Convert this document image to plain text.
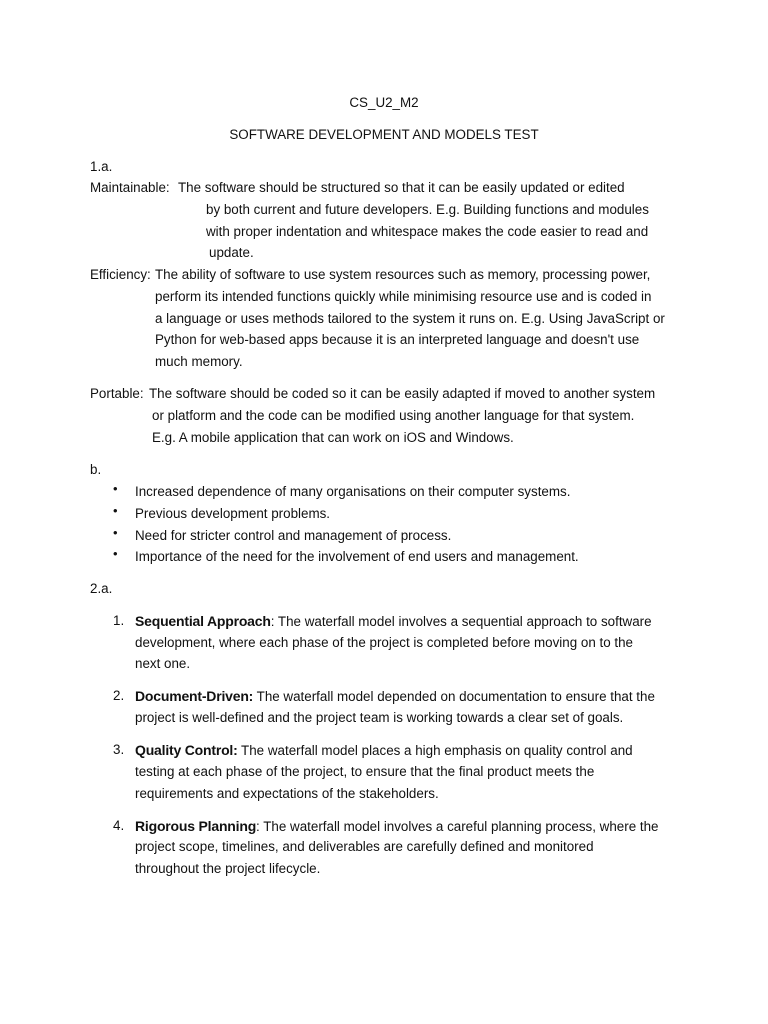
CS_U2_M2
SOFTWARE DEVELOPMENT AND MODELS TEST
1.a.
Maintainable: The software should be structured so that it can be easily updated or edited
by both current and future developers. E.g. Building functions and modules
with proper indentation and whitespace makes the code easier to read and
update.
Efficiency: The ability of software to use system resources such as memory, processing power,
perform its intended functions quickly while minimising resource use and is coded in
a language or uses methods tailored to the system it runs on. E.g. Using JavaScript or
Python for web-based apps because it is an interpreted language and doesn't use
much memory.
Portable: The software should be coded so it can be easily adapted if moved to another system
or platform and the code can be modified using another language for that system.
E.g. A mobile application that can work on iOS and Windows.
b.
• Increased dependence of many organisations on their computer systems.
• Previous development problems.
• Need for stricter control and management of process.
• Importance of the need for the involvement of end users and management.
2.a.
1. Sequential Approach: The waterfall model involves a sequential approach to software
development, where each phase of the project is completed before moving on to the
next one.
2. Document-Driven: The waterfall model depended on documentation to ensure that the
project is well-defined and the project team is working towards a clear set of goals.
3. Quality Control: The waterfall model places a high emphasis on quality control and
testing at each phase of the project, to ensure that the final product meets the
requirements and expectations of the stakeholders.
4. Rigorous Planning: The waterfall model involves a careful planning process, where the
project scope, timelines, and deliverables are carefully defined and monitored
throughout the project lifecycle.
